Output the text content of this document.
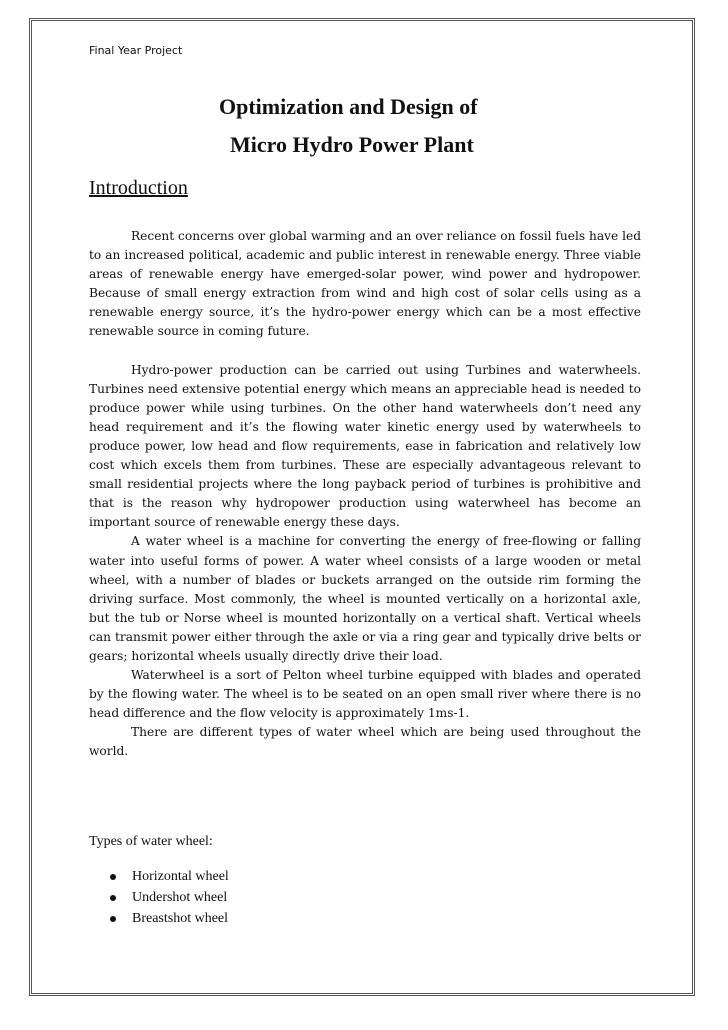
Final Year Project
Optimization and Design of
Micro Hydro Power Plant
Introduction

Recent concerns over global warming and an over reliance on fossil fuels have led to an increased political, academic and public interest in renewable energy. Three viable areas of renewable energy have emerged-solar power, wind power and hydropower. Because of small energy extraction from wind and high cost of solar cells using as a renewable energy source, it’s the hydro-power energy which can be a most effective renewable source in coming future.

Hydro-power production can be carried out using Turbines and waterwheels. Turbines need extensive potential energy which means an appreciable head is needed to produce power while using turbines. On the other hand waterwheels don’t need any head requirement and it’s the flowing water kinetic energy used by waterwheels to produce power, low head and flow requirements, ease in fabrication and relatively low cost which excels them from turbines. These are especially advantageous relevant to small residential projects where the long payback period of turbines is prohibitive and that is the reason why hydropower production using waterwheel has become an important source of renewable energy these days.

A water wheel is a machine for converting the energy of free-flowing or falling water into useful forms of power. A water wheel consists of a large wooden or metal wheel, with a number of blades or buckets arranged on the outside rim forming the driving surface. Most commonly, the wheel is mounted vertically on a horizontal axle, but the tub or Norse wheel is mounted horizontally on a vertical shaft. Vertical wheels can transmit power either through the axle or via a ring gear and typically drive belts or gears; horizontal wheels usually directly drive their load.

Waterwheel is a sort of Pelton wheel turbine equipped with blades and operated by the flowing water. The wheel is to be seated on an open small river where there is no head difference and the flow velocity is approximately 1ms-1.

There are different types of water wheel which are being used throughout the world.

Types of water wheel:
Horizontal wheel
Undershot wheel
Breastshot wheel
